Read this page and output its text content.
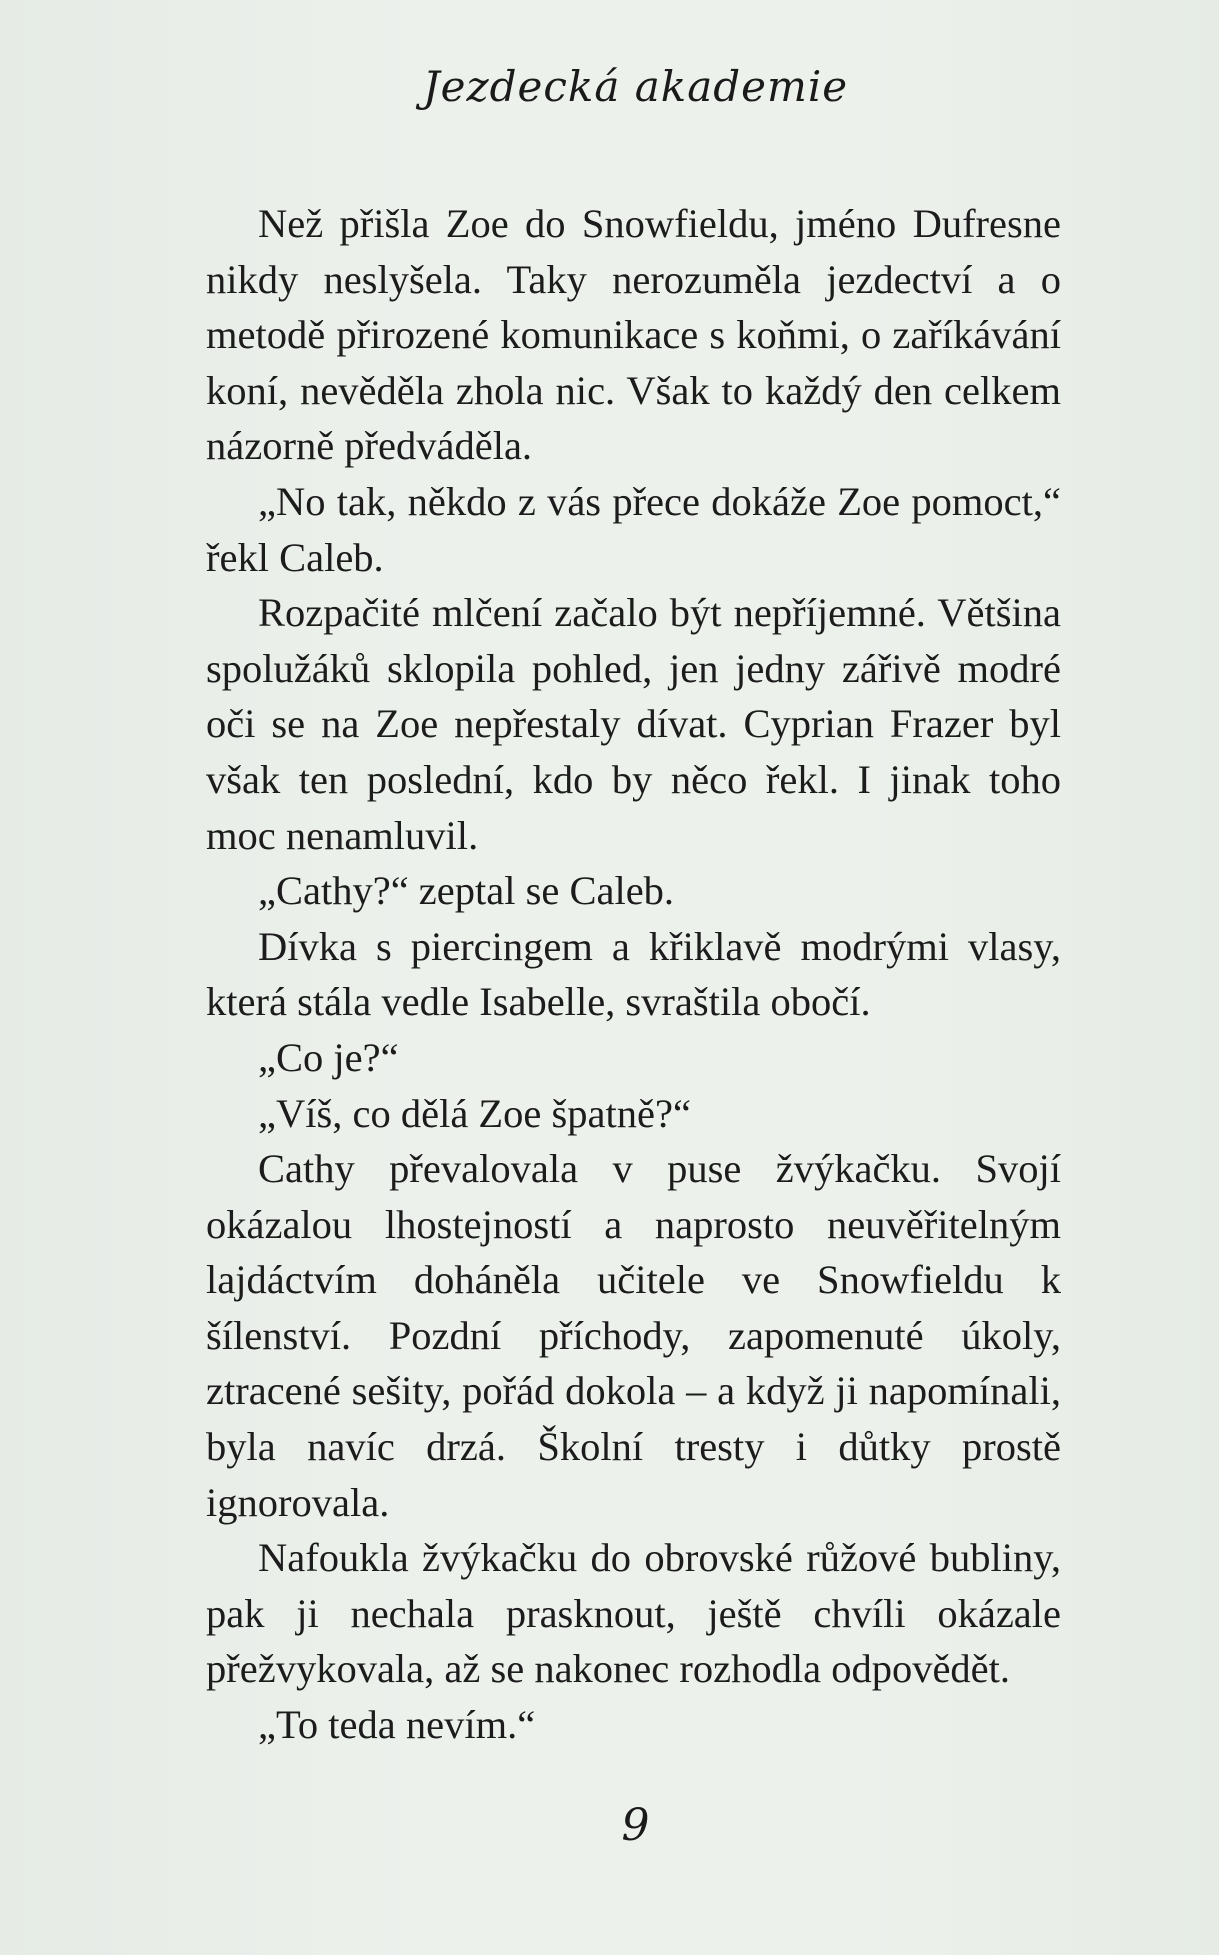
Jezdecká akademie

Než přišla Zoe do Snowfieldu, jméno Dufresne nikdy neslyšela. Taky nerozuměla jezdectví a o metodě přirozené komunikace s koňmi, o zaříkávání koní, nevěděla zhola nic. Však to každý den celkem názorně předváděla.

„No tak, někdo z vás přece dokáže Zoe pomoct,“ řekl Caleb.

Rozpačité mlčení začalo být nepříjemné. Většina spolužáků sklopila pohled, jen jedny zářivě modré oči se na Zoe nepřestaly dívat. Cyprian Frazer byl však ten poslední, kdo by něco řekl. I jinak toho moc nenamluvil.

„Cathy?“ zeptal se Caleb.

Dívka s piercingem a křiklavě modrými vlasy, která stála vedle Isabelle, svraštila obočí.

„Co je?“

„Víš, co dělá Zoe špatně?“

Cathy převalovala v puse žvýkačku. Svojí okázalou lhostejností a naprosto neuvěřitelným lajdáctvím doháněla učitele ve Snowfieldu k šílenství. Pozdní příchody, zapomenuté úkoly, ztracené sešity, pořád dokola – a když ji napomínali, byla navíc drzá. Školní tresty i důtky prostě ignorovala.

Nafoukla žvýkačku do obrovské růžové bubliny, pak ji nechala prasknout, ještě chvíli okázale přežvykovala, až se nakonec rozhodla odpovědět.

„To teda nevím.“

9
